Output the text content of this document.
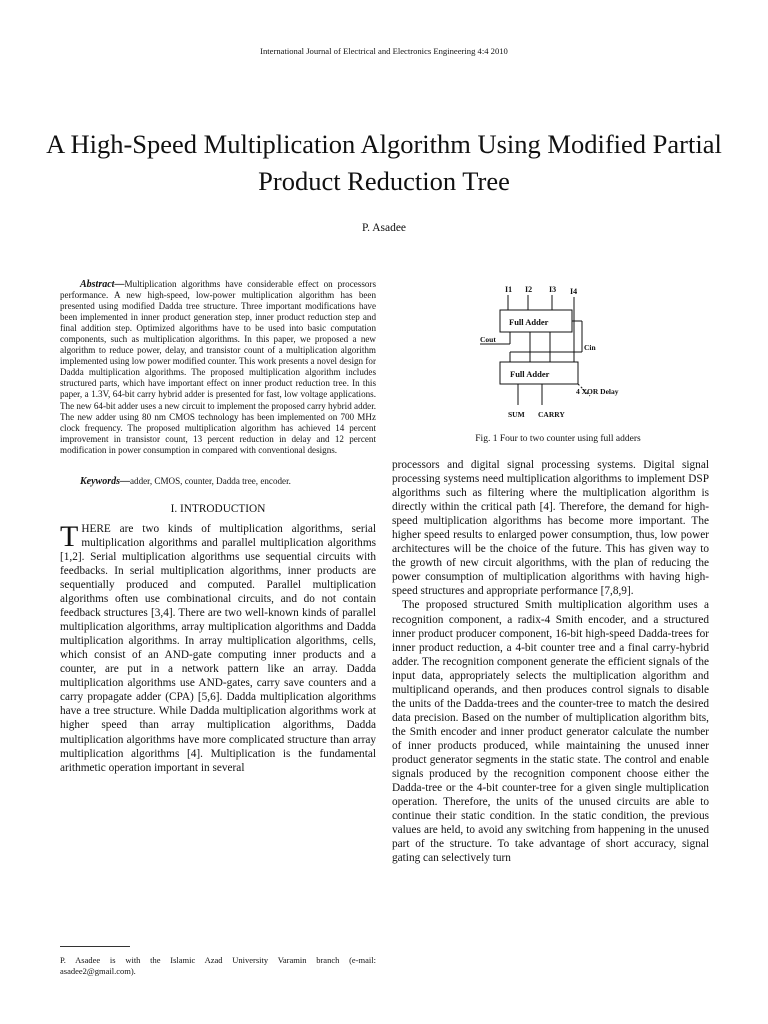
International Journal of Electrical and Electronics Engineering 4:4 2010
A High-Speed Multiplication Algorithm Using Modified Partial Product Reduction Tree
P. Asadee

Abstract—Multiplication algorithms have considerable effect on processors performance. A new high-speed, low-power multiplication algorithm has been presented using modified Dadda tree structure. Three important modifications have been implemented in inner product generation step, inner product reduction step and final addition step. Optimized algorithms have to be used into basic computation components, such as multiplication algorithms. In this paper, we proposed a new algorithm to reduce power, delay, and transistor count of a multiplication algorithm implemented using low power modified counter. This work presents a novel design for Dadda multiplication algorithms. The proposed multiplication algorithm includes structured parts, which have important effect on inner product reduction tree. In this paper, a 1.3V, 64-bit carry hybrid adder is presented for fast, low voltage applications. The new 64-bit adder uses a new circuit to implement the proposed carry hybrid adder. The new adder using 80 nm CMOS technology has been implemented on 700 MHz clock frequency. The proposed multiplication algorithm has achieved 14 percent improvement in transistor count, 13 percent reduction in delay and 12 percent modification in power consumption in compared with conventional designs.

Keywords—adder, CMOS, counter, Dadda tree, encoder.

I. INTRODUCTION

THERE are two kinds of multiplication algorithms, serial multiplication algorithms and parallel multiplication algorithms [1,2]. Serial multiplication algorithms use sequential circuits with feedbacks. In serial multiplication algorithms, inner products are sequentially produced and computed. Parallel multiplication algorithms often use combinational circuits, and do not contain feedback structures [3,4]. There are two well-known kinds of parallel multiplication algorithms, array multiplication algorithms and Dadda multiplication algorithms. In array multiplication algorithms, cells, which consist of an AND-gate computing inner products and a counter, are put in a network pattern like an array. Dadda multiplication algorithms use AND-gates, carry save counters and a carry propagate adder (CPA) [5,6]. Dadda multiplication algorithms have a tree structure. While Dadda multiplication algorithms work at higher speed than array multiplication algorithms, Dadda multiplication algorithms have more complicated structure than array multiplication algorithms [4]. Multiplication is the fundamental arithmetic operation important in several

P. Asadee is with the Islamic Azad University Varamin branch (e-mail: asadee2@gmail.com).
I1 I2 I3 I4
Full Adder
Full Adder
Cout
Cin
4 XOR Delay
SUM CARRY
Fig. 1 Four to two counter using full adders

processors and digital signal processing systems. Digital signal processing systems need multiplication algorithms to implement DSP algorithms such as filtering where the multiplication algorithm is directly within the critical path [4]. Therefore, the demand for high-speed multiplication algorithms has become more important. The higher speed results to enlarged power consumption, thus, low power architectures will be the choice of the future. This has given way to the growth of new circuit algorithms, with the plan of reducing the power consumption of multiplication algorithms with having high-speed structures and appropriate performance [7,8,9].

The proposed structured Smith multiplication algorithm uses a recognition component, a radix-4 Smith encoder, and a structured inner product producer component, 16-bit high-speed Dadda-trees for inner product reduction, a 4-bit counter tree and a final carry-hybrid adder. The recognition component generate the efficient signals of the input data, appropriately selects the multiplication algorithm and multiplicand operands, and then produces control signals to disable the units of the Dadda-trees and the counter-tree to match the desired data precision. Based on the number of multiplication algorithm bits, the Smith encoder and inner product generator calculate the number of inner products produced, while maintaining the unused inner product generator segments in the static state. The control and enable signals produced by the recognition component choose either the Dadda-tree or the 4-bit counter-tree for a given single multiplication operation. Therefore, the units of the unused circuits are able to continue their static condition. In the static condition, the previous values are held, to avoid any switching from happening in the unused part of the structure. To take advantage of short accuracy, signal gating can selectively turn
